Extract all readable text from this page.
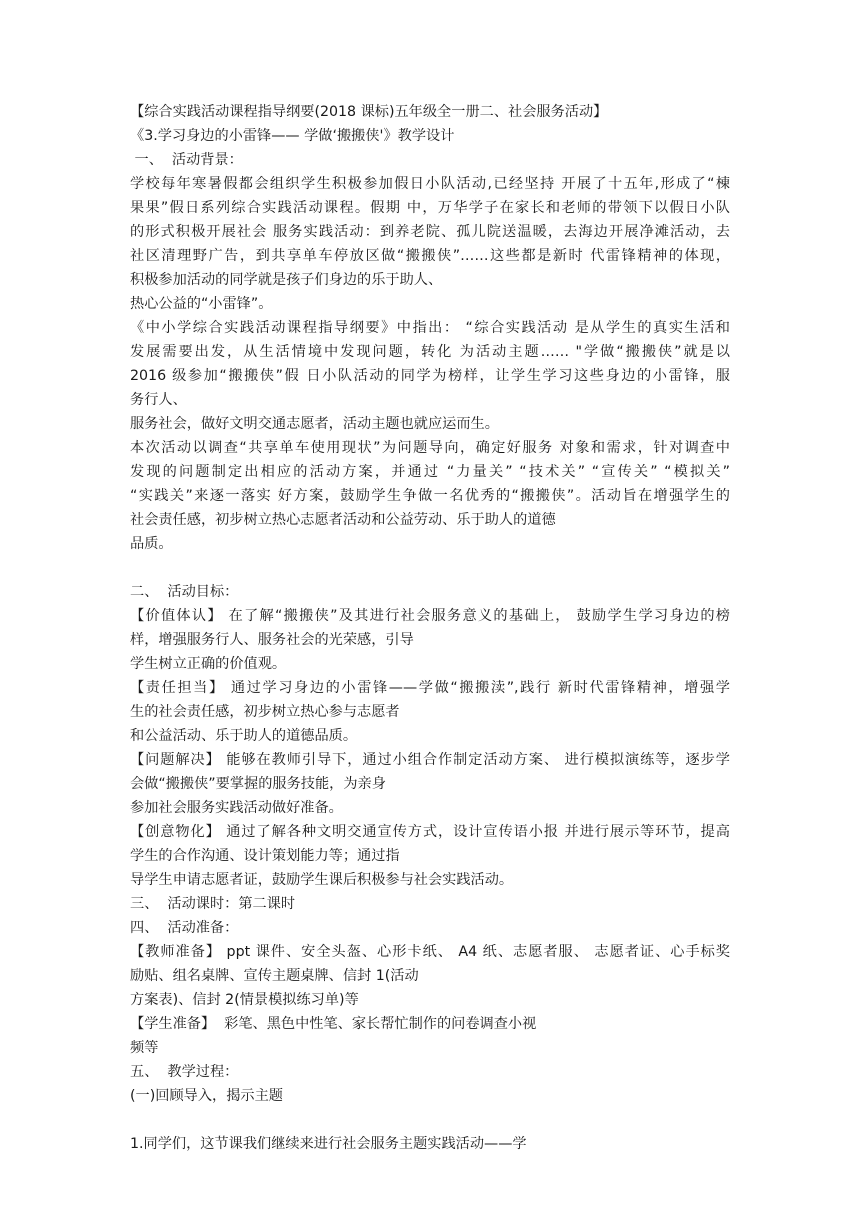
【综合实践活动课程指导纲要(2018 课标)五年级全一册二、社会服务活动】
《3.学习身边的小雷锋—— 学做‘搬搬侠'》教学设计
一、  活动背景：
学校每年寒暑假都会组织学生积极参加假日小队活动,已经坚持 开展了十五年,形成了“棟
果果”假日系列综合实践活动课程。假期 中，万华学子在家长和老师的带领下以假日小队
的形式积极开展社会 服务实践活动：到养老院、孤儿院送温暖，去海边开展净滩活动，去
社区清理野广告，到共享单车停放区做“搬搬侠”……这些都是新时 代雷锋精神的体现，
积极参加活动的同学就是孩子们身边的乐于助人、
热心公益的“小雷锋”。
《中小学综合实践活动课程指导纲要》中指出： “综合实践活动 是从学生的真实生活和
发展需要出发，从生活情境中发现问题，转化 为活动主题…… "学做“搬搬侠”就是以
2016 级参加“搬搬侠”假 日小队活动的同学为榜样，让学生学习这些身边的小雷锋，服
务行人、
服务社会，做好文明交通志愿者，活动主题也就应运而生。
本次活动以调查“共享单车使用现状”为问题导向，确定好服务 对象和需求，针对调查中
发现的问题制定出相应的活动方案，并通过 “力量关” “技术关” “宣传关” “模拟关”
“实践关”来逐一落实 好方案，鼓励学生争做一名优秀的“搬搬侠”。活动旨在增强学生的
社会责任感，初步树立热心志愿者活动和公益劳动、乐于助人的道德
品质。
二、  活动目标：
【价值体认】 在了解“搬搬侠”及其进行社会服务意义的基础上， 鼓励学生学习身边的榜
样，增强服务行人、服务社会的光荣感，引导
学生树立正确的价值观。
【责任担当】 通过学习身边的小雷锋——学做“搬搬渎”,践行 新时代雷锋精神，增强学
生的社会责任感，初步树立热心参与志愿者
和公益活动、乐于助人的道德品质。
【问题解决】 能够在教师引导下，通过小组合作制定活动方案、 进行模拟演练等，逐步学
会做“搬搬侠”要掌握的服务技能，为亲身
参加社会服务实践活动做好准备。
【创意物化】 通过了解各种文明交通宣传方式，设计宣传语小报 并进行展示等环节，提高
学生的合作沟通、设计策划能力等；通过指
导学生申请志愿者证，鼓励学生课后积极参与社会实践活动。
三、  活动课时：第二课时
四、  活动准备：
【教师准备】 ppt 课件、安全头盔、心形卡纸、 A4 纸、志愿者服、 志愿者证、心手标奖
励贴、组名桌牌、宣传主题桌牌、信封 1(活动
方案表)、信封 2(情景模拟练习单)等
【学生准备】  彩笔、黑色中性笔、家长帮忙制作的问卷调查小视
频等
五、  教学过程：
(一)回顾导入，揭示主题
1.同学们，这节课我们继续来进行社会服务主题实践活动——学
